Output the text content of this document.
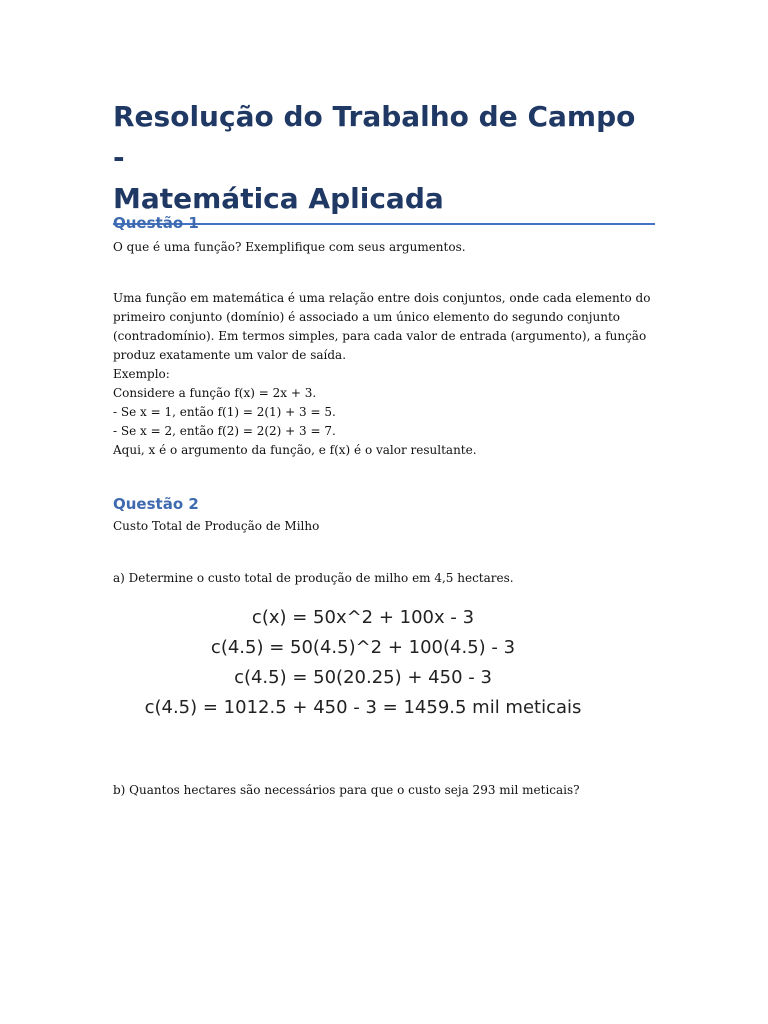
Resolução do Trabalho de Campo -
Matemática Aplicada
Questão 1

O que é uma função? Exemplifique com seus argumentos.

Uma função em matemática é uma relação entre dois conjuntos, onde cada elemento do

primeiro conjunto (domínio) é associado a um único elemento do segundo conjunto

(contradomínio). Em termos simples, para cada valor de entrada (argumento), a função

produz exatamente um valor de saída.

Exemplo:

Considere a função f(x) = 2x + 3.

- Se x = 1, então f(1) = 2(1) + 3 = 5.

- Se x = 2, então f(2) = 2(2) + 3 = 7.

Aqui, x é o argumento da função, e f(x) é o valor resultante.

Questão 2

Custo Total de Produção de Milho

a) Determine o custo total de produção de milho em 4,5 hectares.

c(x) = 50x^2 + 100x - 3
c(4.5) = 50(4.5)^2 + 100(4.5) - 3
c(4.5) = 50(20.25) + 450 - 3
c(4.5) = 1012.5 + 450 - 3 = 1459.5 mil meticais

b) Quantos hectares são necessários para que o custo seja 293 mil meticais?
